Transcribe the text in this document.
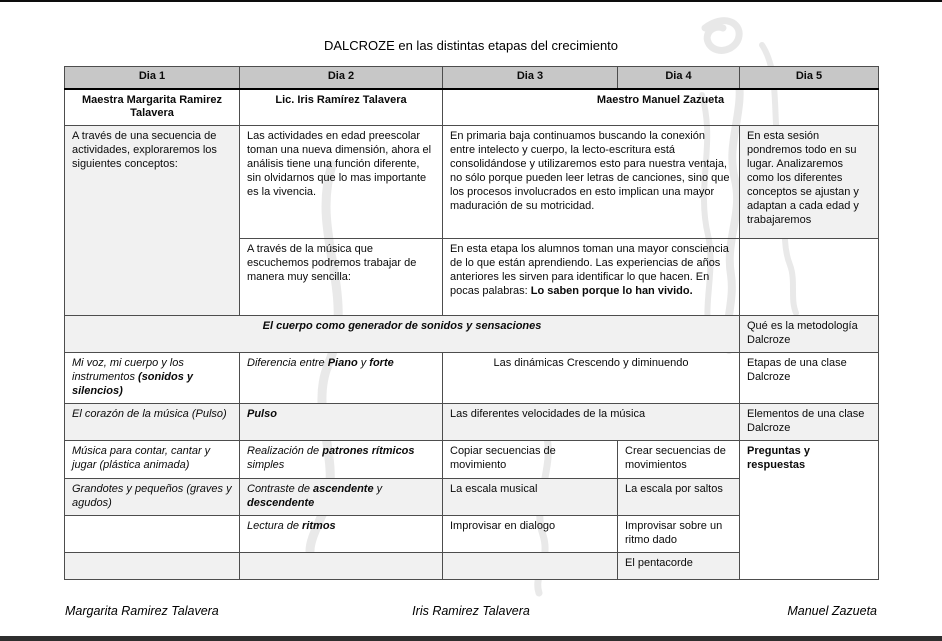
DALCROZE en las distintas etapas del crecimiento
Dia 1	Dia 2	Dia 3	Dia 4	Dia 5
Maestra Margarita Ramirez Talavera	Lic. Iris Ramírez Talavera	Maestro Manuel Zazueta		
A través de una secuencia de actividades, exploraremos los siguientes conceptos:	Las actividades en edad preescolar toman una nueva dimensión, ahora el análisis tiene una función diferente, sin olvidarnos que lo mas importante es la vivencia.	En primaria baja continuamos buscando la conexión entre intelecto y cuerpo, la lecto-escritura está consolidándose y utilizaremos esto para nuestra ventaja, no sólo porque pueden leer letras de canciones, sino que los procesos involucrados en esto implican una mayor maduración de su motricidad.		En esta sesión pondremos todo en su lugar. Analizaremos como los diferentes conceptos se ajustan y adaptan a cada edad y trabajaremos
	A través de la música que escuchemos podremos trabajar de manera muy sencilla:	En esta etapa los alumnos toman una mayor consciencia de lo que están aprendiendo. Las experiencias de años anteriores les sirven para identificar lo que hacen. En pocas palabras: Lo saben porque lo han vivido.		
El cuerpo como generador de sonidos y sensaciones				Qué es la metodología Dalcroze
Mi voz, mi cuerpo y los instrumentos (sonidos y silencios)	Diferencia entre Piano y forte	Las dinámicas Crescendo y diminuendo		Etapas de una clase Dalcroze
El corazón de la música (Pulso)	Pulso	Las diferentes velocidades de la música		Elementos de una clase Dalcroze
Música para contar, cantar y jugar (plástica animada)	Realización de patrones rítmicos simples	Copiar secuencias de movimiento	Crear secuencias de movimientos	Preguntas y respuestas
Grandotes y pequeños (graves y agudos)	Contraste de ascendente y descendente	La escala musical	La escala por saltos	
	Lectura de ritmos	Improvisar en dialogo	Improvisar sobre un ritmo dado	
			El pentacorde	
Margarita Ramirez Talavera	Iris Ramirez Talavera	Manuel Zazueta
